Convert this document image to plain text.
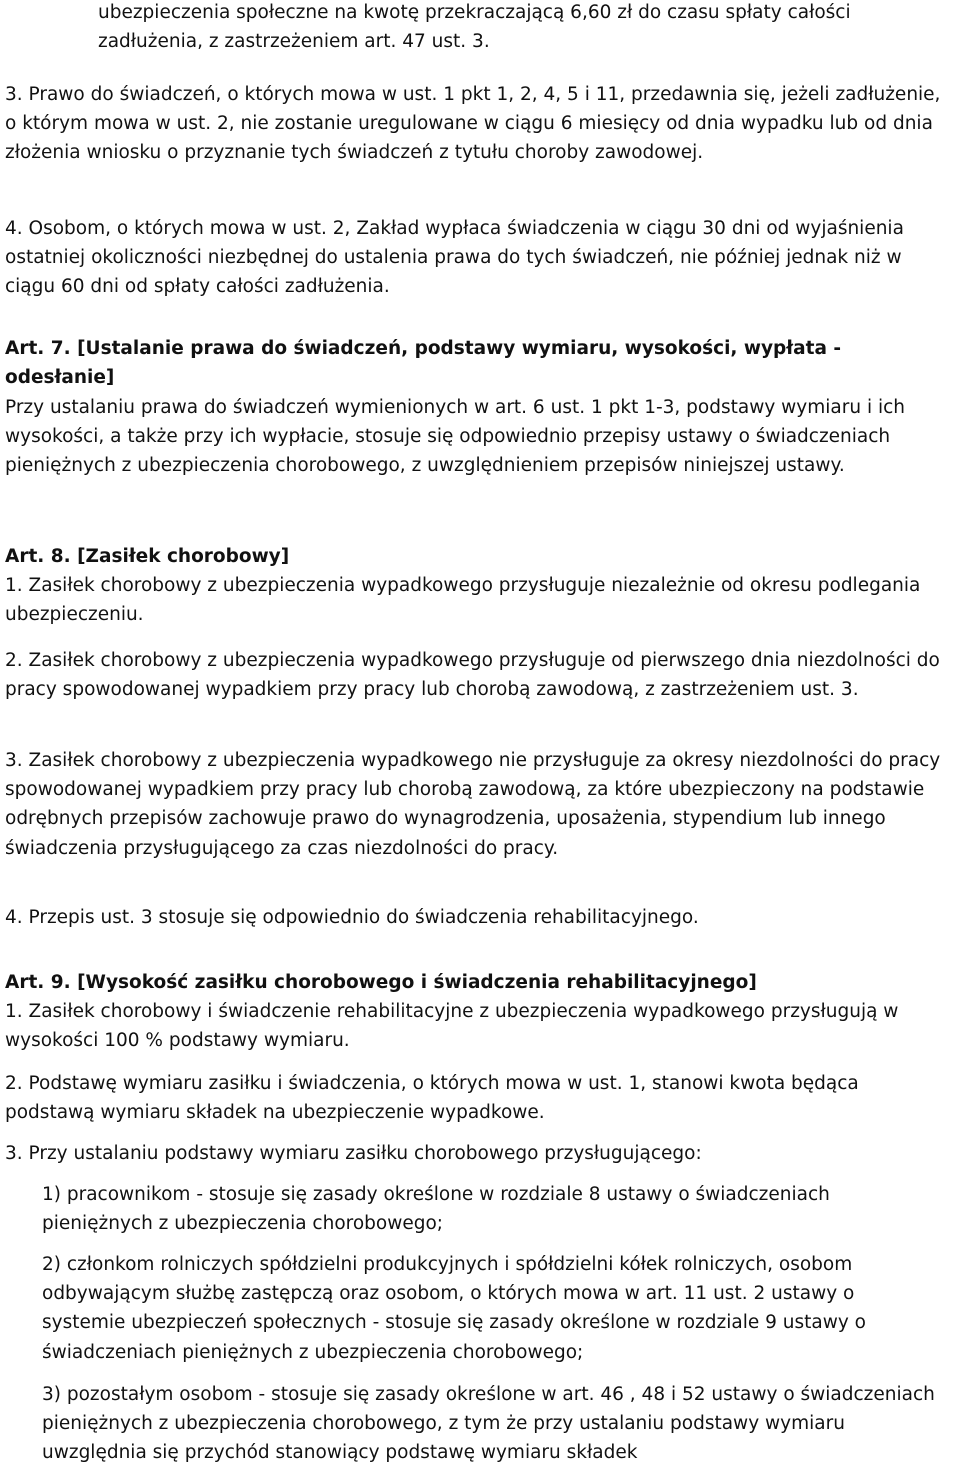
ubezpieczenia społeczne na kwotę przekraczającą 6,60 zł do czasu spłaty całości zadłużenia, z zastrzeżeniem art. 47 ust. 3.

3. Prawo do świadczeń, o których mowa w ust. 1 pkt 1, 2, 4, 5 i 11, przedawnia się, jeżeli zadłużenie, o którym mowa w ust. 2, nie zostanie uregulowane w ciągu 6 miesięcy od dnia wypadku lub od dnia złożenia wniosku o przyznanie tych świadczeń z tytułu choroby zawodowej.

4. Osobom, o których mowa w ust. 2, Zakład wypłaca świadczenia w ciągu 30 dni od wyjaśnienia ostatniej okoliczności niezbędnej do ustalenia prawa do tych świadczeń, nie później jednak niż w ciągu 60 dni od spłaty całości zadłużenia.

Art. 7. [Ustalanie prawa do świadczeń, podstawy wymiaru, wysokości, wypłata - odesłanie]

Przy ustalaniu prawa do świadczeń wymienionych w art. 6 ust. 1 pkt 1-3, podstawy wymiaru i ich wysokości, a także przy ich wypłacie, stosuje się odpowiednio przepisy ustawy o świadczeniach pieniężnych z ubezpieczenia chorobowego, z uwzględnieniem przepisów niniejszej ustawy.

Art. 8. [Zasiłek chorobowy]

1. Zasiłek chorobowy z ubezpieczenia wypadkowego przysługuje niezależnie od okresu podlegania ubezpieczeniu.

2. Zasiłek chorobowy z ubezpieczenia wypadkowego przysługuje od pierwszego dnia niezdolności do pracy spowodowanej wypadkiem przy pracy lub chorobą zawodową, z zastrzeżeniem ust. 3.

3. Zasiłek chorobowy z ubezpieczenia wypadkowego nie przysługuje za okresy niezdolności do pracy spowodowanej wypadkiem przy pracy lub chorobą zawodową, za które ubezpieczony na podstawie odrębnych przepisów zachowuje prawo do wynagrodzenia, uposażenia, stypendium lub innego świadczenia przysługującego za czas niezdolności do pracy.

4. Przepis ust. 3 stosuje się odpowiednio do świadczenia rehabilitacyjnego.

Art. 9. [Wysokość zasiłku chorobowego i świadczenia rehabilitacyjnego]

1. Zasiłek chorobowy i świadczenie rehabilitacyjne z ubezpieczenia wypadkowego przysługują w wysokości 100 % podstawy wymiaru.

2. Podstawę wymiaru zasiłku i świadczenia, o których mowa w ust. 1, stanowi kwota będąca podstawą wymiaru składek na ubezpieczenie wypadkowe.

3. Przy ustalaniu podstawy wymiaru zasiłku chorobowego przysługującego:

1) pracownikom - stosuje się zasady określone w rozdziale 8 ustawy o świadczeniach pieniężnych z ubezpieczenia chorobowego;

2) członkom rolniczych spółdzielni produkcyjnych i spółdzielni kółek rolniczych, osobom odbywającym służbę zastępczą oraz osobom, o których mowa w art. 11 ust. 2 ustawy o systemie ubezpieczeń społecznych - stosuje się zasady określone w rozdziale 9 ustawy o świadczeniach pieniężnych z ubezpieczenia chorobowego;

3) pozostałym osobom - stosuje się zasady określone w art. 46 , 48 i 52 ustawy o świadczeniach pieniężnych z ubezpieczenia chorobowego, z tym że przy ustalaniu podstawy wymiaru uwzględnia się przychód stanowiący podstawę wymiaru składek
